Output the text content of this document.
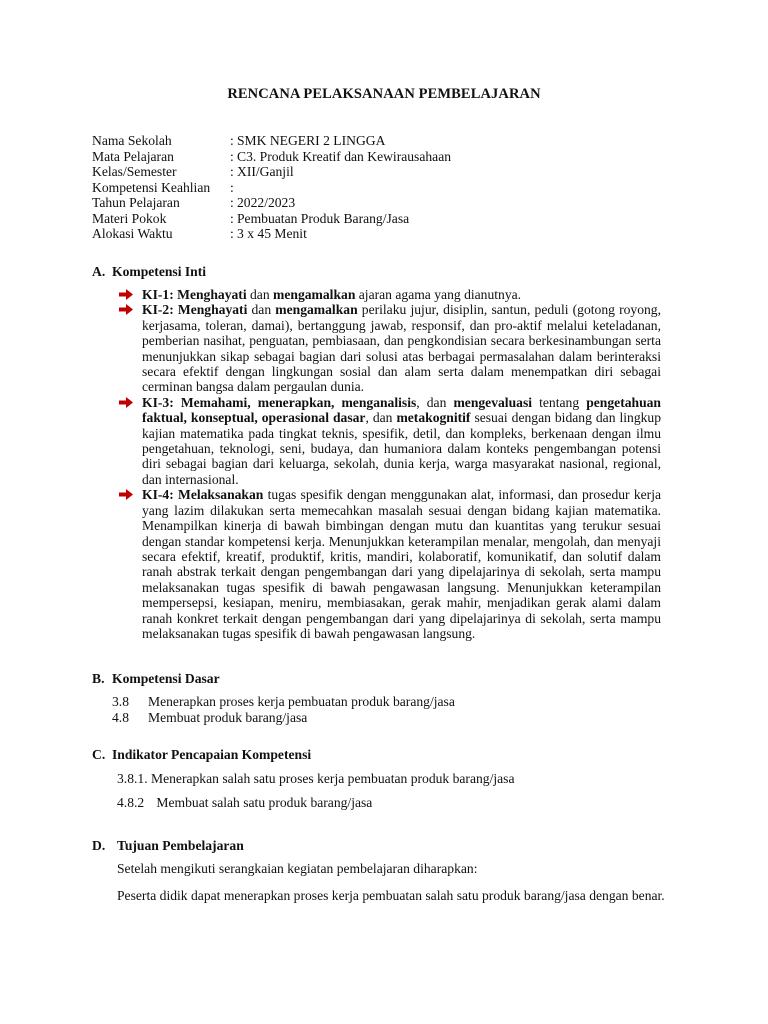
RENCANA PELAKSANAAN PEMBELAJARAN
Nama Sekolah	: SMK NEGERI 2 LINGGA
Mata Pelajaran	: C3. Produk Kreatif dan Kewirausahaan
Kelas/Semester	: XII/Ganjil
Kompetensi Keahlian :
Tahun Pelajaran	: 2022/2023
Materi Pokok	: Pembuatan Produk Barang/Jasa
Alokasi Waktu	: 3 x 45 Menit
A. Kompetensi Inti
KI-1: Menghayati dan mengamalkan ajaran agama yang dianutnya.
KI-2: Menghayati dan mengamalkan perilaku jujur, disiplin, santun, peduli (gotong royong, kerjasama, toleran, damai), bertanggung jawab, responsif, dan pro-aktif melalui keteladanan, pemberian nasihat, penguatan, pembiasaan, dan pengkondisian secara berkesinambungan serta menunjukkan sikap sebagai bagian dari solusi atas berbagai permasalahan dalam berinteraksi secara efektif dengan lingkungan sosial dan alam serta dalam menempatkan diri sebagai cerminan bangsa dalam pergaulan dunia.
KI-3: Memahami, menerapkan, menganalisis, dan mengevaluasi tentang pengetahuan faktual, konseptual, operasional dasar, dan metakognitif sesuai dengan bidang dan lingkup kajian matematika pada tingkat teknis, spesifik, detil, dan kompleks, berkenaan dengan ilmu pengetahuan, teknologi, seni, budaya, dan humaniora dalam konteks pengembangan potensi diri sebagai bagian dari keluarga, sekolah, dunia kerja, warga masyarakat nasional, regional, dan internasional.
KI-4: Melaksanakan tugas spesifik dengan menggunakan alat, informasi, dan prosedur kerja yang lazim dilakukan serta memecahkan masalah sesuai dengan bidang kajian matematika. Menampilkan kinerja di bawah bimbingan dengan mutu dan kuantitas yang terukur sesuai dengan standar kompetensi kerja. Menunjukkan keterampilan menalar, mengolah, dan menyaji secara efektif, kreatif, produktif, kritis, mandiri, kolaboratif, komunikatif, dan solutif dalam ranah abstrak terkait dengan pengembangan dari yang dipelajarinya di sekolah, serta mampu melaksanakan tugas spesifik di bawah pengawasan langsung. Menunjukkan keterampilan mempersepsi, kesiapan, meniru, membiasakan, gerak mahir, menjadikan gerak alami dalam ranah konkret terkait dengan pengembangan dari yang dipelajarinya di sekolah, serta mampu melaksanakan tugas spesifik di bawah pengawasan langsung.
B. Kompetensi Dasar
3.8 Menerapkan proses kerja pembuatan produk barang/jasa
4.8 Membuat produk barang/jasa
C. Indikator Pencapaian Kompetensi
3.8.1. Menerapkan salah satu proses kerja pembuatan produk barang/jasa
4.8.2 Membuat salah satu produk barang/jasa
D. Tujuan Pembelajaran
Setelah mengikuti serangkaian kegiatan pembelajaran diharapkan:
Peserta didik dapat menerapkan proses kerja pembuatan salah satu produk barang/jasa dengan benar.
